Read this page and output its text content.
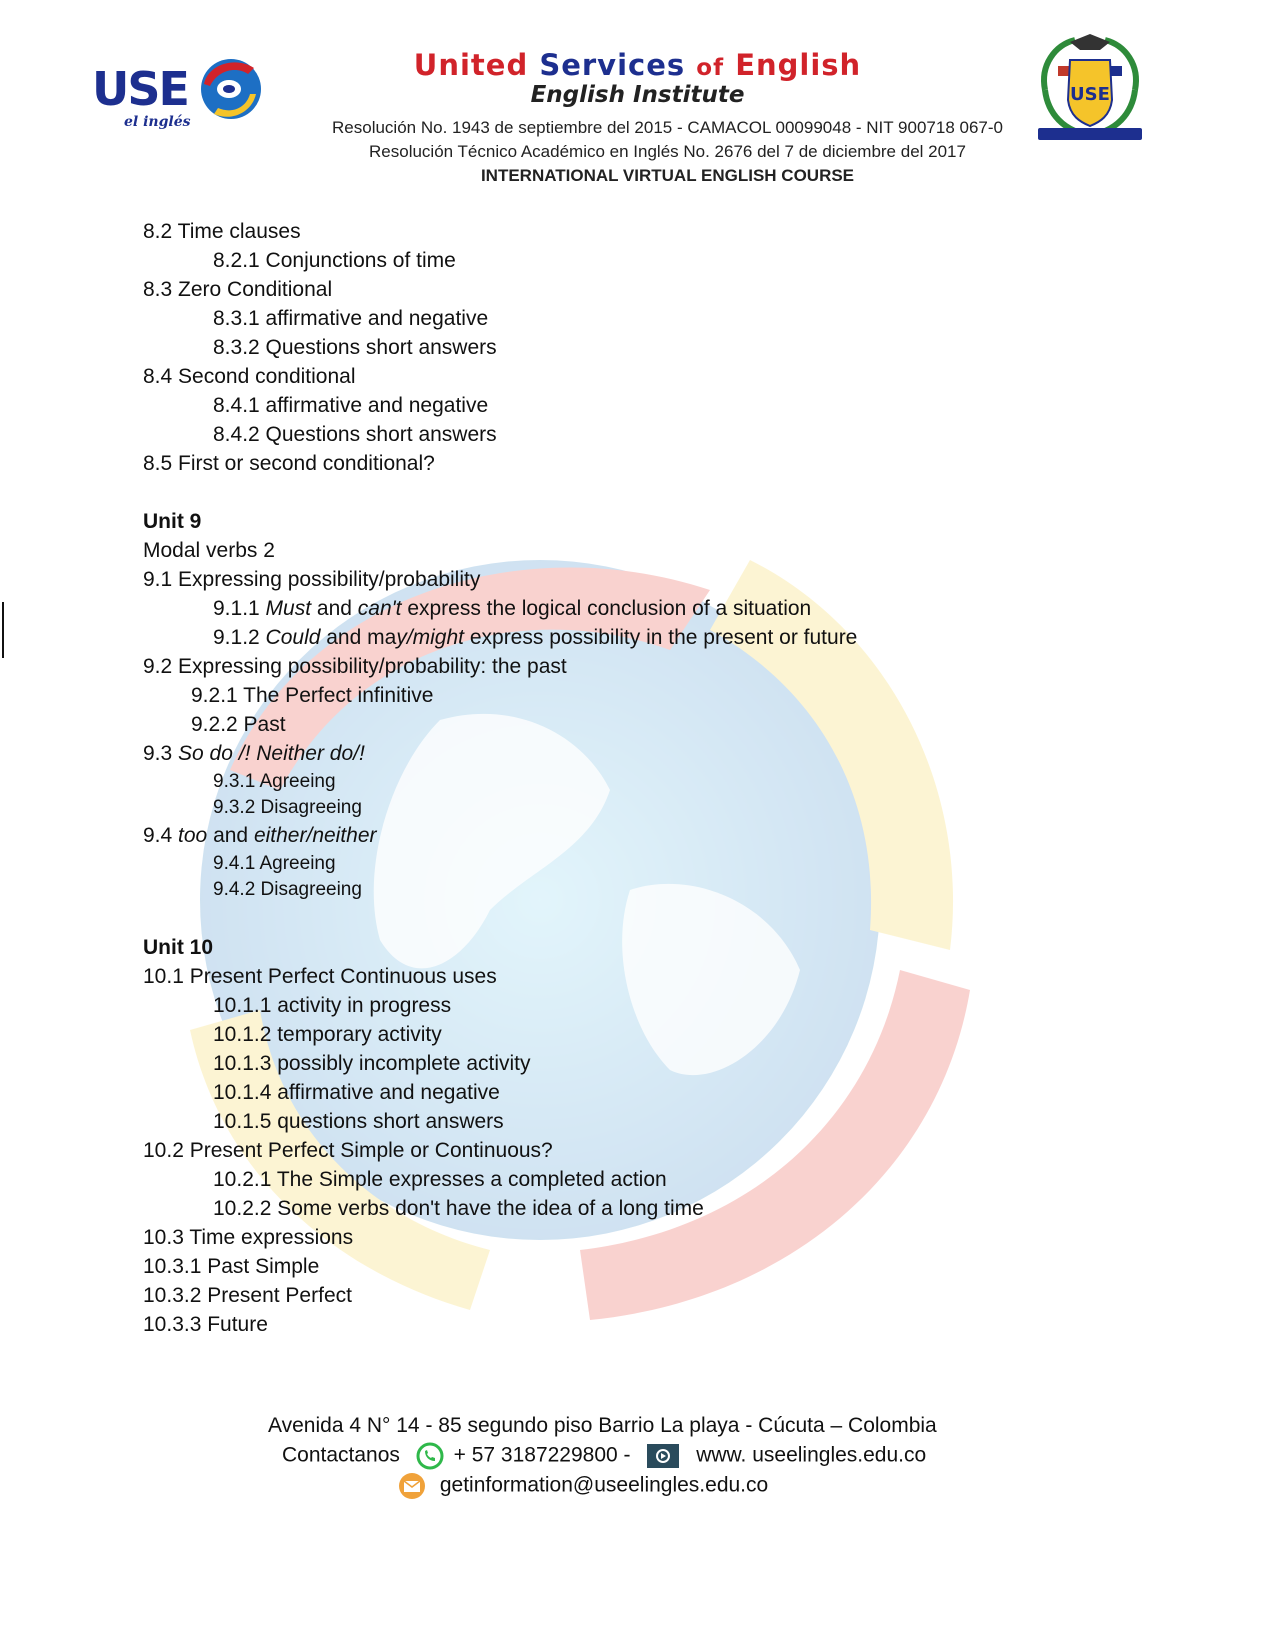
USE
el inglés
United Services of English
English Institute
Resolución No. 1943 de septiembre del 2015 - CAMACOL 00099048 - NIT 900718 067-0
Resolución Técnico Académico en Inglés No. 2676 del 7 de diciembre del 2017
INTERNATIONAL VIRTUAL ENGLISH COURSE
USE
8.2 Time clauses
8.2.1 Conjunctions of time
8.3 Zero Conditional
8.3.1 affirmative and negative
8.3.2 Questions short answers
8.4 Second conditional
8.4.1 affirmative and negative
8.4.2 Questions short answers
8.5 First or second conditional?
Unit 9
Modal verbs 2
9.1 Expressing possibility/probability
9.1.1 Must and can't express the logical conclusion of a situation
9.1.2 Could and may/might express possibility in the present or future
9.2 Expressing possibility/probability: the past
9.2.1 The Perfect infinitive
9.2.2 Past
9.3 So do /! Neither do/!
9.3.1 Agreeing
9.3.2 Disagreeing
9.4 too and either/neither
9.4.1 Agreeing
9.4.2 Disagreeing
Unit 10
10.1 Present Perfect Continuous uses
10.1.1 activity in progress
10.1.2 temporary activity
10.1.3 possibly incomplete activity
10.1.4 affirmative and negative
10.1.5 questions short answers
10.2 Present Perfect Simple or Continuous?
10.2.1 The Simple expresses a completed action
10.2.2 Some verbs don't have the idea of a long time
10.3 Time expressions
10.3.1 Past Simple
10.3.2 Present Perfect
10.3.3 Future
Avenida 4 N° 14 - 85 segundo piso Barrio La playa - Cúcuta – Colombia
Contactanos	+ 57 3187229800 -	www. useelingles.edu.co
getinformation@useelingles.edu.co
